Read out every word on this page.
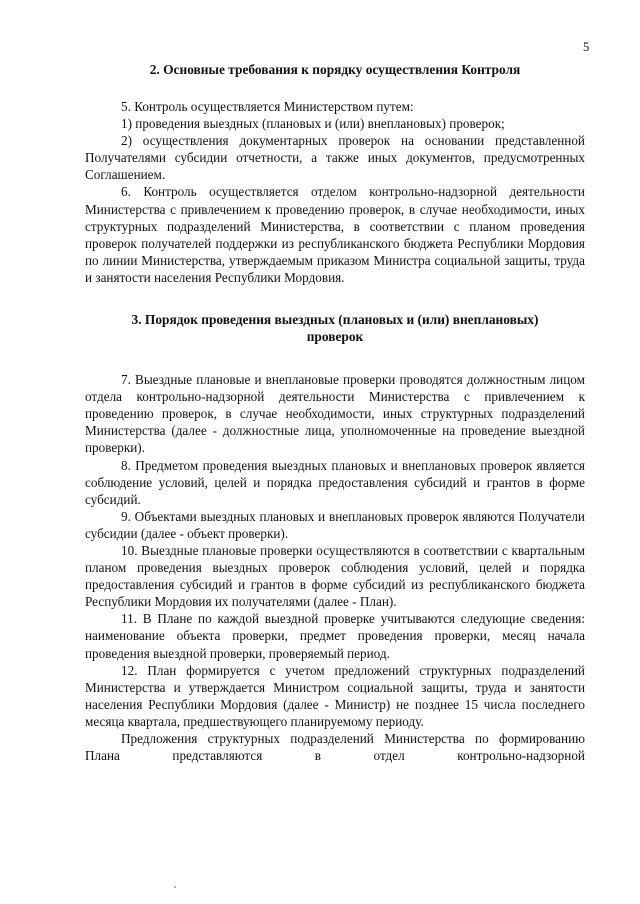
5

2. Основные требования к порядку осуществления Контроля

5. Контроль осуществляется Министерством путем:

1) проведения выездных (плановых и (или) внеплановых) проверок;

2) осуществления документарных проверок на основании представленной Получателями субсидии отчетности, а также иных документов, предусмотренных Соглашением.

6. Контроль осуществляется отделом контрольно-надзорной деятельности Министерства с привлечением к проведению проверок, в случае необходимости, иных структурных подразделений Министерства, в соответствии с планом проведения проверок получателей поддержки из республиканского бюджета Республики Мордовия по линии Министерства, утверждаемым приказом Министра социальной защиты, труда и занятости населения Республики Мордовия.

3. Порядок проведения выездных (плановых и (или) внеплановых)
проверок

7. Выездные плановые и внеплановые проверки проводятся должностным лицом отдела контрольно-надзорной деятельности Министерства с привлечением к проведению проверок, в случае необходимости, иных структурных подразделений Министерства (далее - должностные лица, уполномоченные на проведение выездной проверки).

8. Предметом проведения выездных плановых и внеплановых проверок является соблюдение условий, целей и порядка предоставления субсидий и грантов в форме субсидий.

9. Объектами выездных плановых и внеплановых проверок являются Получатели субсидии (далее - объект проверки).

10. Выездные плановые проверки осуществляются в соответствии с квартальным планом проведения выездных проверок соблюдения условий, целей и порядка предоставления субсидий и грантов в форме субсидий из республиканского бюджета Республики Мордовия их получателями (далее - План).

11. В Плане по каждой выездной проверке учитываются следующие сведения: наименование объекта проверки, предмет проведения проверки, месяц начала проведения выездной проверки, проверяемый период.

12. План формируется с учетом предложений структурных подразделений Министерства и утверждается Министром социальной защиты, труда и занятости населения Республики Мордовия (далее - Министр) не позднее 15 числа последнего месяца квартала, предшествующего планируемому периоду.

Предложения структурных подразделений Министерства по формированию Плана представляются в отдел контрольно-надзорной
